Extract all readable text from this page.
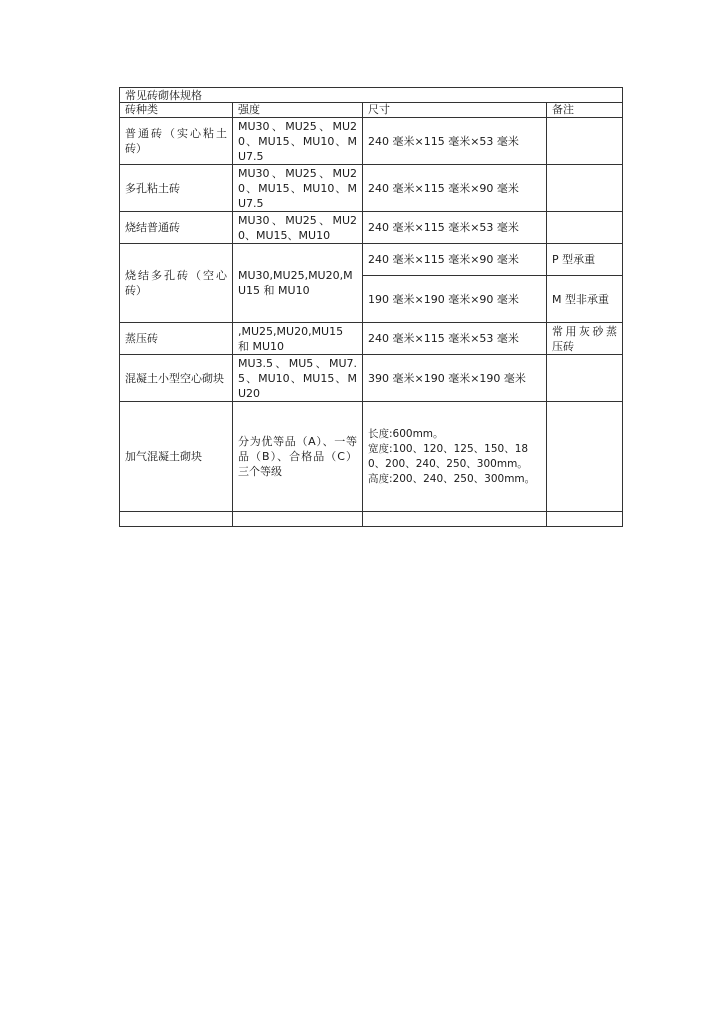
常见砖砌体规格			
砖种类	强度	尺寸	备注
普通砖（实心粘土砖）	MU30、MU25、MU20、MU15、MU10、MU7.5	240 毫米×115 毫米×53 毫米	
多孔粘土砖	MU30、MU25、MU20、MU15、MU10、MU7.5	240 毫米×115 毫米×90 毫米	
烧结普通砖	MU30、MU25、MU20、MU15、MU10	240 毫米×115 毫米×53 毫米	
烧结多孔砖（空心砖）	MU30,MU25,MU20,MU15 和 MU10	240 毫米×115 毫米×90 毫米	P 型承重
		190 毫米×190 毫米×90 毫米	M 型非承重
蒸压砖	,MU25,MU20,MU15 和 MU10	240 毫米×115 毫米×53 毫米	常用灰砂蒸压砖
混凝土小型空心砌块	MU3.5、MU5、MU7.5、MU10、MU15、MU20	390 毫米×190 毫米×190 毫米	
加气混凝土砌块	分为优等品（A）、一等品（B）、合格品（C）三个等级	长度:600mm。
宽度:100、120、125、150、180、200、240、250、300mm。
高度:200、240、250、300mm。	
